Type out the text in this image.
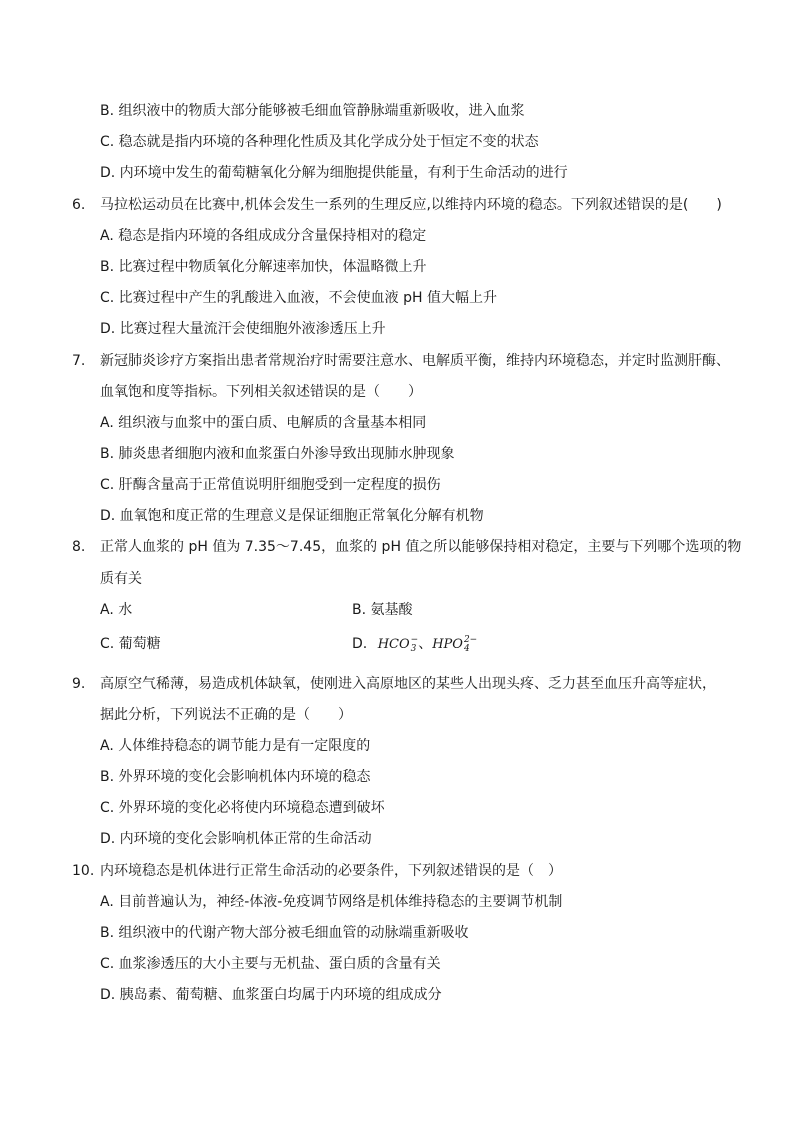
B. 组织液中的物质大部分能够被毛细血管静脉端重新吸收，进入血浆
C. 稳态就是指内环境的各种理化性质及其化学成分处于恒定不变的状态
D. 内环境中发生的葡萄糖氧化分解为细胞提供能量，有利于生命活动的进行
6.	马拉松运动员在比赛中,机体会发生一系列的生理反应,以维持内环境的稳态。下列叙述错误的是(　　)
A. 稳态是指内环境的各组成成分含量保持相对的稳定
B. 比赛过程中物质氧化分解速率加快，体温略微上升
C. 比赛过程中产生的乳酸进入血液，不会使血液 pH 值大幅上升
D. 比赛过程大量流汗会使细胞外液渗透压上升
7.	新冠肺炎诊疗方案指出患者常规治疗时需要注意水、电解质平衡，维持内环境稳态，并定时监测肝酶、
血氧饱和度等指标。下列相关叙述错误的是（　　）
A. 组织液与血浆中的蛋白质、电解质的含量基本相同
B. 肺炎患者细胞内液和血浆蛋白外渗导致出现肺水肿现象
C. 肝酶含量高于正常值说明肝细胞受到一定程度的损伤
D. 血氧饱和度正常的生理意义是保证细胞正常氧化分解有机物
8.	正常人血浆的 pH 值为 7.35～7.45，血浆的 pH 值之所以能够保持相对稳定，主要与下列哪个选项的物
质有关
A. 水	B. 氨基酸
C. 葡萄糖	D. HCO −
3 、HPO 2−
4
9.	高原空气稀薄，易造成机体缺氧，使刚进入高原地区的某些人出现头疼、乏力甚至血压升高等症状，
据此分析，下列说法不正确的是（　　）
A. 人体维持稳态的调节能力是有一定限度的
B. 外界环境的变化会影响机体内环境的稳态
C. 外界环境的变化必将使内环境稳态遭到破坏
D. 内环境的变化会影响机体正常的生命活动
10. 内环境稳态是机体进行正常生命活动的必要条件，下列叙述错误的是（　）
A. 目前普遍认为，神经-体液-免疫调节网络是机体维持稳态的主要调节机制
B. 组织液中的代谢产物大部分被毛细血管的动脉端重新吸收
C. 血浆渗透压的大小主要与无机盐、蛋白质的含量有关
D. 胰岛素、葡萄糖、血浆蛋白均属于内环境的组成成分
